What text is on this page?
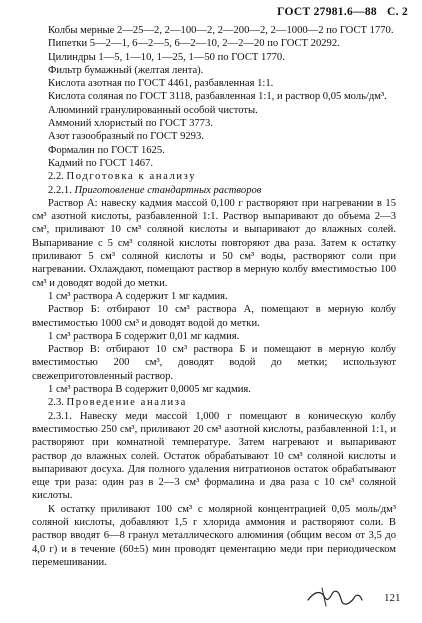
ГОСТ 27981.6—88 С. 2

Колбы мерные 2—25—2, 2—100—2, 2—200—2, 2—1000—2 по ГОСТ 1770.

Пипетки 5—2—1, 6—2—5, 6—2—10, 2—2—20 по ГОСТ 20292.

Цилиндры 1—5, 1—10, 1—25, 1—50 по ГОСТ 1770.

Фильтр бумажный (желтая лента).

Кислота азотная по ГОСТ 4461, разбавленная 1:1.

Кислота соляная по ГОСТ 3118, разбавленная 1:1, и раствор 0,05 моль/дм³.

Алюминий гранулированный особой чистоты.

Аммоний хлористый по ГОСТ 3773.

Азот газообразный по ГОСТ 9293.

Формалин по ГОСТ 1625.

Кадмий по ГОСТ 1467.

2.2. Подготовка к анализу

2.2.1. Приготовление стандартных растворов

Раствор А: навеску кадмия массой 0,100 г растворяют при нагревании в 15 см³ азотной кислоты, разбавленной 1:1. Раствор выпаривают до объема 2—3 см³, приливают 10 см³ соляной кислоты и выпаривают до влажных солей. Выпаривание с 5 см³ соляной кислоты повторяют два раза. Затем к остатку приливают 5 см³ соляной кислоты и 50 см³ воды, растворяют соли при нагревании. Охлаждают, помещают раствор в мерную колбу вместимостью 100 см³ и доводят водой до метки.

1 см³ раствора А содержит 1 мг кадмия.

Раствор Б: отбирают 10 см³ раствора А, помещают в мерную колбу вместимостью 1000 см³ и доводят водой до метки.

1 см³ раствора Б содержит 0,01 мг кадмия.

Раствор В: отбирают 10 см³ раствора Б и помещают в мерную колбу вместимостью 200 см³, доводят водой до метки; используют свежеприготовленный раствор.

1 см³ раствора В содержит 0,0005 мг кадмия.

2.3. Проведение анализа

2.3.1. Навеску меди массой 1,000 г помещают в коническую колбу вместимостью 250 см³, приливают 20 см³ азотной кислоты, разбавленной 1:1, и растворяют при комнатной температуре. Затем нагревают и выпаривают раствор до влажных солей. Остаток обрабатывают 10 см³ соляной кислоты и выпаривают досуха. Для полного удаления нитратионов остаток обрабатывают еще три раза: один раз в 2—3 см³ формалина и два раза с 10 см³ соляной кислоты.

К остатку приливают 100 см³ с молярной концентрацией 0,05 моль/дм³ соляной кислоты, добавляют 1,5 г хлорида аммония и растворяют соли. В раствор вводят 6—8 гранул металлического алюминия (общим весом от 3,5 до 4,0 г) и в течение (60±5) мин проводят цементацию меди при периодическом перемешивании.

121
